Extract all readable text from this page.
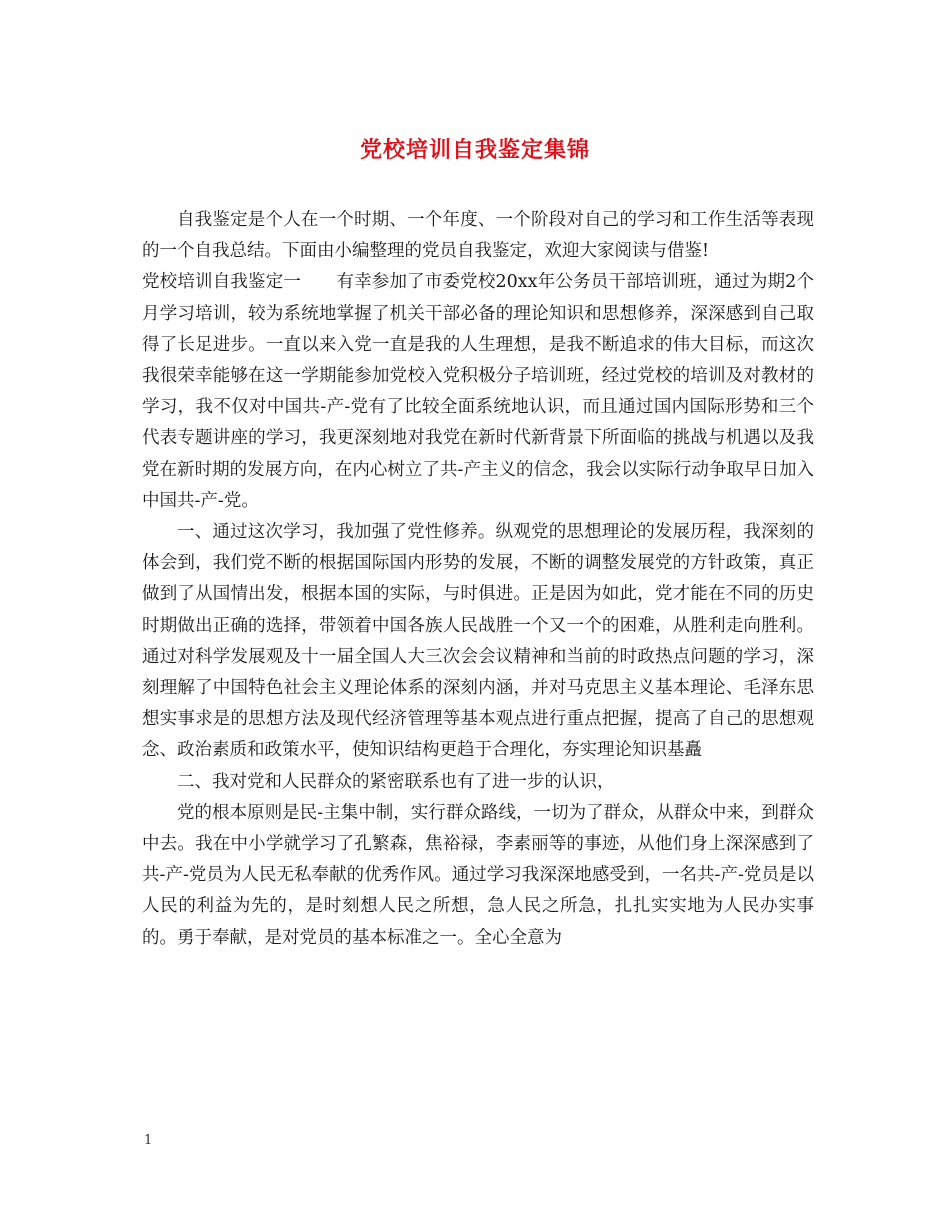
党校培训自我鉴定集锦

自我鉴定是个人在一个时期、一个年度、一个阶段对自己的学习和工作生活等表现的一个自我总结。下面由小编整理的党员自我鉴定，欢迎大家阅读与借鉴!

党校培训自我鉴定一　　有幸参加了市委党校20xx年公务员干部培训班，通过为期2个月学习培训，较为系统地掌握了机关干部必备的理论知识和思想修养，深深感到自己取得了长足进步。一直以来入党一直是我的人生理想，是我不断追求的伟大目标，而这次我很荣幸能够在这一学期能参加党校入党积极分子培训班，经过党校的培训及对教材的学习，我不仅对中国共-产-党有了比较全面系统地认识，而且通过国内国际形势和三个代表专题讲座的学习，我更深刻地对我党在新时代新背景下所面临的挑战与机遇以及我党在新时期的发展方向，在内心树立了共-产主义的信念，我会以实际行动争取早日加入中国共-产-党。

一、通过这次学习，我加强了党性修养。纵观党的思想理论的发展历程，我深刻的体会到，我们党不断的根据国际国内形势的发展，不断的调整发展党的方针政策，真正做到了从国情出发，根据本国的实际，与时俱进。正是因为如此，党才能在不同的历史时期做出正确的选择，带领着中国各族人民战胜一个又一个的困难，从胜利走向胜利。通过对科学发展观及十一届全国人大三次会会议精神和当前的时政热点问题的学习，深刻理解了中国特色社会主义理论体系的深刻内涵，并对马克思主义基本理论、毛泽东思想实事求是的思想方法及现代经济管理等基本观点进行重点把握，提高了自己的思想观念、政治素质和政策水平，使知识结构更趋于合理化，夯实理论知识基矗

二、我对党和人民群众的紧密联系也有了进一步的认识，

党的根本原则是民-主集中制，实行群众路线，一切为了群众，从群众中来，到群众中去。我在中小学就学习了孔繁森，焦裕禄，李素丽等的事迹，从他们身上深深感到了共-产-党员为人民无私奉献的优秀作风。通过学习我深深地感受到，一名共-产-党员是以人民的利益为先的，是时刻想人民之所想，急人民之所急，扎扎实实地为人民办实事的。勇于奉献，是对党员的基本标准之一。全心全意为

1
